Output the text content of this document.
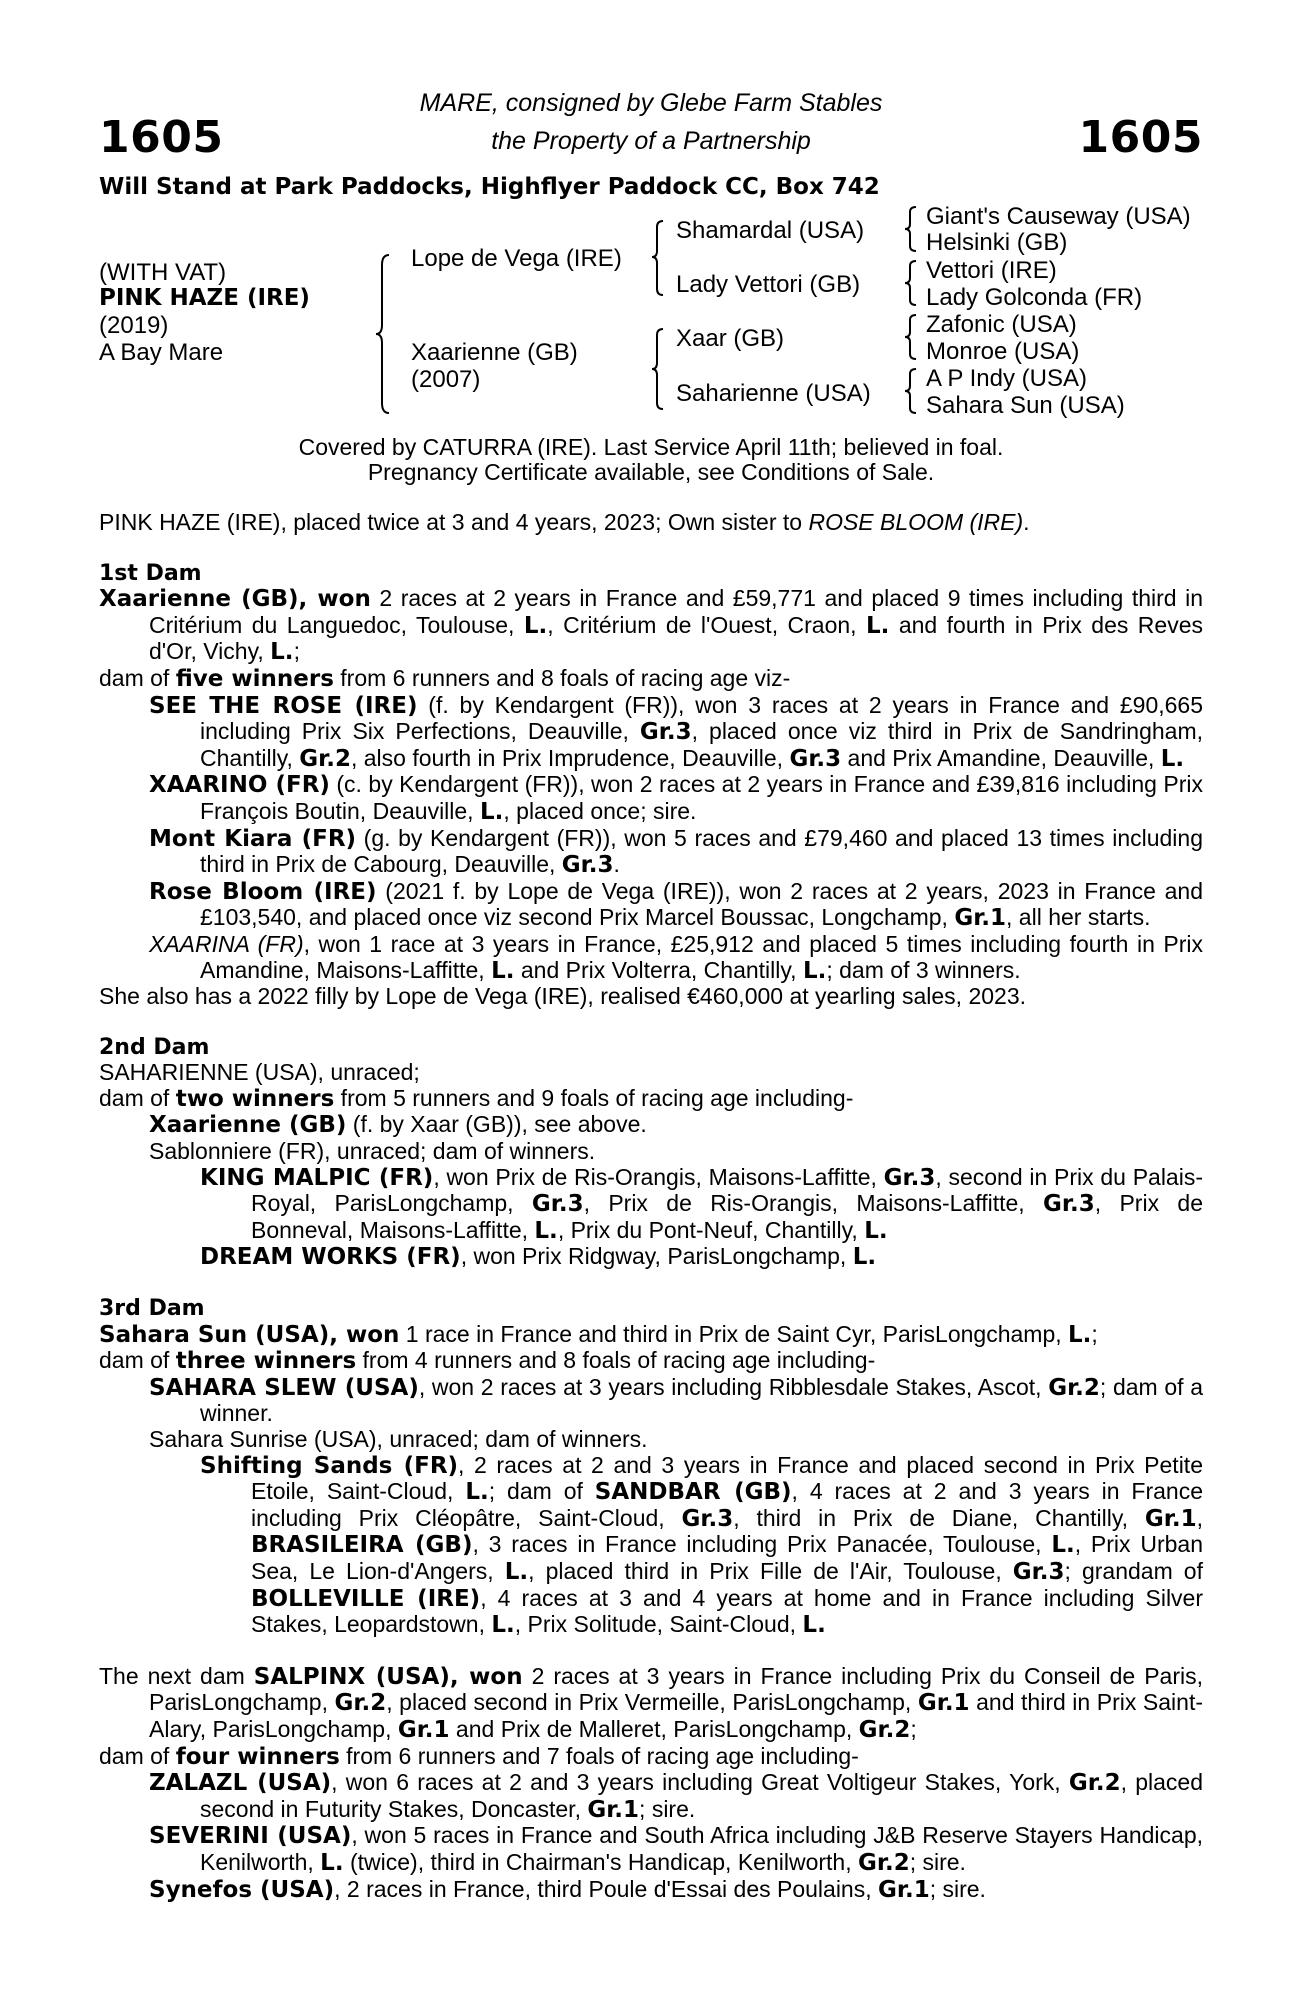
1605	1605
MARE, consigned by Glebe Farm Stables
the Property of a Partnership
Will Stand at Park Paddocks, Highflyer Paddock CC, Box 742
(WITH VAT)
PINK HAZE (IRE)
(2019)
A Bay Mare
Lope de Vega (IRE)
Xaarienne (GB)
(2007)
Shamardal (USA)
Lady Vettori (GB)
Xaar (GB)
Saharienne (USA)
Giant's Causeway (USA)
Helsinki (GB)
Vettori (IRE)
Lady Golconda (FR)
Zafonic (USA)
Monroe (USA)
A P Indy (USA)
Sahara Sun (USA)
Covered by CATURRA (IRE). Last Service April 11th; believed in foal.
Pregnancy Certificate available, see Conditions of Sale.

PINK HAZE (IRE), placed twice at 3 and 4 years, 2023; Own sister to ROSE BLOOM (IRE).

1st Dam

Xaarienne (GB), won 2 races at 2 years in France and £59,771 and placed 9 times including third in Critérium du Languedoc, Toulouse, L., Critérium de l'Ouest, Craon, L. and fourth in Prix des Reves d'Or, Vichy, L.;

dam of five winners from 6 runners and 8 foals of racing age viz-

SEE THE ROSE (IRE) (f. by Kendargent (FR)), won 3 races at 2 years in France and £90,665 including Prix Six Perfections, Deauville, Gr.3, placed once viz third in Prix de Sandringham, Chantilly, Gr.2, also fourth in Prix Imprudence, Deauville, Gr.3 and Prix Amandine, Deauville, L.

XAARINO (FR) (c. by Kendargent (FR)), won 2 races at 2 years in France and £39,816 including Prix François Boutin, Deauville, L., placed once; sire.

Mont Kiara (FR) (g. by Kendargent (FR)), won 5 races and £79,460 and placed 13 times including third in Prix de Cabourg, Deauville, Gr.3.

Rose Bloom (IRE) (2021 f. by Lope de Vega (IRE)), won 2 races at 2 years, 2023 in France and £103,540, and placed once viz second Prix Marcel Boussac, Longchamp, Gr.1, all her starts.

XAARINA (FR), won 1 race at 3 years in France, £25,912 and placed 5 times including fourth in Prix Amandine, Maisons-Laffitte, L. and Prix Volterra, Chantilly, L.; dam of 3 winners.

She also has a 2022 filly by Lope de Vega (IRE), realised €460,000 at yearling sales, 2023.

2nd Dam

SAHARIENNE (USA), unraced;

dam of two winners from 5 runners and 9 foals of racing age including-

Xaarienne (GB) (f. by Xaar (GB)), see above.

Sablonniere (FR), unraced; dam of winners.

KING MALPIC (FR), won Prix de Ris-Orangis, Maisons-Laffitte, Gr.3, second in Prix du Palais-Royal, ParisLongchamp, Gr.3, Prix de Ris-Orangis, Maisons-Laffitte, Gr.3, Prix de Bonneval, Maisons-Laffitte, L., Prix du Pont-Neuf, Chantilly, L.

DREAM WORKS (FR), won Prix Ridgway, ParisLongchamp, L.

3rd Dam

Sahara Sun (USA), won 1 race in France and third in Prix de Saint Cyr, ParisLongchamp, L.;

dam of three winners from 4 runners and 8 foals of racing age including-

SAHARA SLEW (USA), won 2 races at 3 years including Ribblesdale Stakes, Ascot, Gr.2; dam of a winner.

Sahara Sunrise (USA), unraced; dam of winners.

Shifting Sands (FR), 2 races at 2 and 3 years in France and placed second in Prix Petite Etoile, Saint-Cloud, L.; dam of SANDBAR (GB), 4 races at 2 and 3 years in France including Prix Cléopâtre, Saint-Cloud, Gr.3, third in Prix de Diane, Chantilly, Gr.1, BRASILEIRA (GB), 3 races in France including Prix Panacée, Toulouse, L., Prix Urban Sea, Le Lion-d'Angers, L., placed third in Prix Fille de l'Air, Toulouse, Gr.3; grandam of BOLLEVILLE (IRE), 4 races at 3 and 4 years at home and in France including Silver Stakes, Leopardstown, L., Prix Solitude, Saint-Cloud, L.

The next dam SALPINX (USA), won 2 races at 3 years in France including Prix du Conseil de Paris, ParisLongchamp, Gr.2, placed second in Prix Vermeille, ParisLongchamp, Gr.1 and third in Prix Saint-Alary, ParisLongchamp, Gr.1 and Prix de Malleret, ParisLongchamp, Gr.2;

dam of four winners from 6 runners and 7 foals of racing age including-

ZALAZL (USA), won 6 races at 2 and 3 years including Great Voltigeur Stakes, York, Gr.2, placed second in Futurity Stakes, Doncaster, Gr.1; sire.

SEVERINI (USA), won 5 races in France and South Africa including J&B Reserve Stayers Handicap, Kenilworth, L. (twice), third in Chairman's Handicap, Kenilworth, Gr.2; sire.

Synefos (USA), 2 races in France, third Poule d'Essai des Poulains, Gr.1; sire.
